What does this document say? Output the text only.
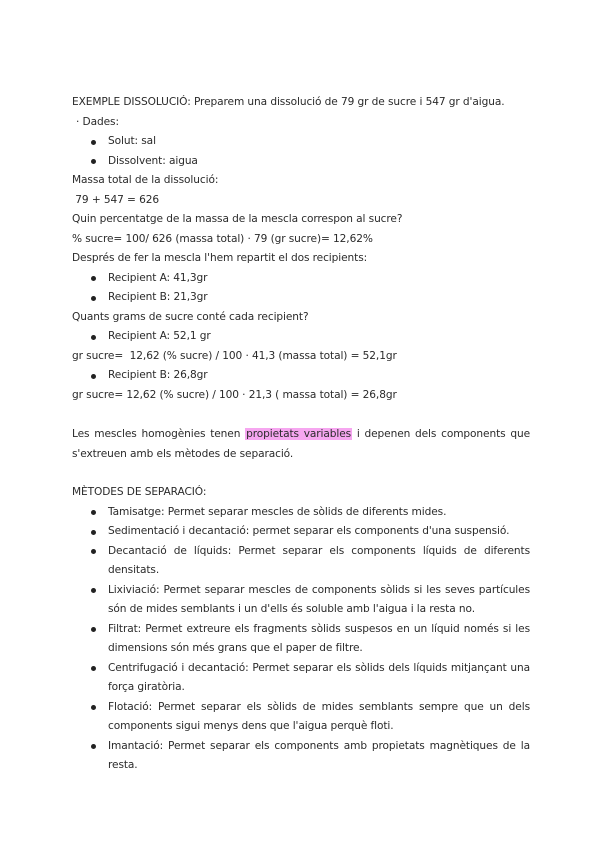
EXEMPLE DISSOLUCIÓ: Preparem una dissolució de 79 gr de sucre i 547 gr d'aigua.
· Dades:
Solut: sal
Dissolvent: aigua
Massa total de la dissolució:
79 + 547 = 626
Quin percentatge de la massa de la mescla correspon al sucre?
% sucre= 100/ 626 (massa total) · 79 (gr sucre)= 12,62%
Després de fer la mescla l'hem repartit el dos recipients:
Recipient A: 41,3gr
Recipient B: 21,3gr
Quants grams de sucre conté cada recipient?
Recipient A: 52,1 gr
gr sucre=  12,62 (% sucre) / 100 · 41,3 (massa total) = 52,1gr
Recipient B: 26,8gr
gr sucre= 12,62 (% sucre) / 100 · 21,3 ( massa total) = 26,8gr
Les mescles homogènies tenen propietats variables i depenen dels components que s'extreuen amb els mètodes de separació.
MÈTODES DE SEPARACIÓ:
Tamisatge: Permet separar mescles de sòlids de diferents mides.
Sedimentació i decantació: permet separar els components d'una suspensió.
Decantació de líquids: Permet separar els components líquids de diferents densitats.
Lixiviació: Permet separar mescles de components sòlids si les seves partícules són de mides semblants i un d'ells és soluble amb l'aigua i la resta no.
Filtrat: Permet extreure els fragments sòlids suspesos en un líquid només si les dimensions són més grans que el paper de filtre.
Centrifugació i decantació: Permet separar els sòlids dels líquids mitjançant una força giratòria.
Flotació: Permet separar els sòlids de mides semblants sempre que un dels components sigui menys dens que l'aigua perquè floti.
Imantació: Permet separar els components amb propietats magnètiques de la resta.
